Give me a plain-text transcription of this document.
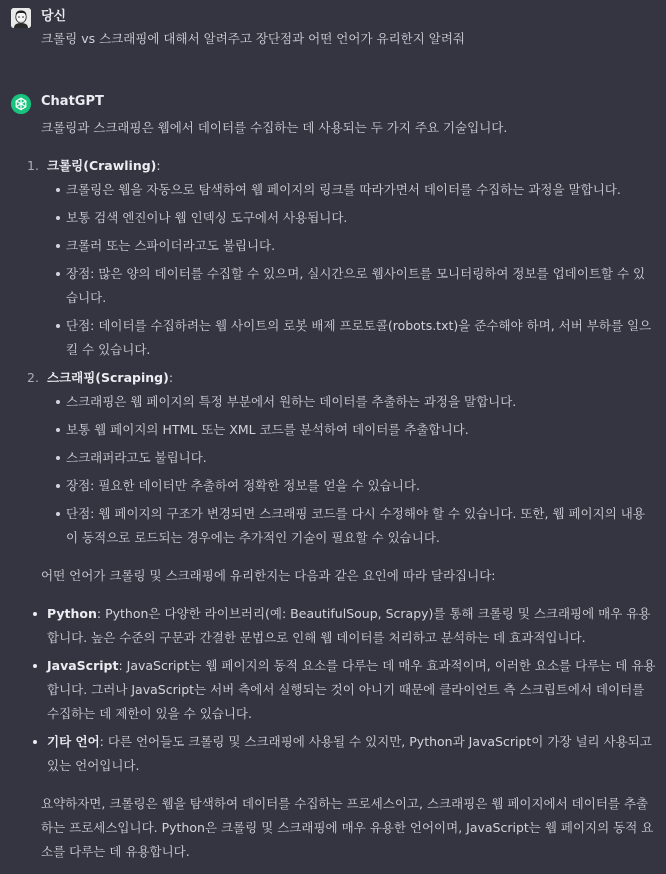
당신
크롤링 vs 스크래핑에 대해서 알려주고 장단점과 어떤 언어가 유리한지 알려줘
ChatGPT

크롤링과 스크래핑은 웹에서 데이터를 수집하는 데 사용되는 두 가지 주요 기술입니다.

1. 크롤링(Crawling):
크롤링은 웹을 자동으로 탐색하여 웹 페이지의 링크를 따라가면서 데이터를 수집하는 과정을 말합니다.
보통 검색 엔진이나 웹 인덱싱 도구에서 사용됩니다.
크롤러 또는 스파이더라고도 불립니다.
장점: 많은 양의 데이터를 수집할 수 있으며, 실시간으로 웹사이트를 모니터링하여 정보를 업데이트할 수 있습니다.
단점: 데이터를 수집하려는 웹 사이트의 로봇 배제 프로토콜(robots.txt)을 준수해야 하며, 서버 부하를 일으킬 수 있습니다.
2. 스크래핑(Scraping):
스크래핑은 웹 페이지의 특정 부분에서 원하는 데이터를 추출하는 과정을 말합니다.
보통 웹 페이지의 HTML 또는 XML 코드를 분석하여 데이터를 추출합니다.
스크래퍼라고도 불립니다.
장점: 필요한 데이터만 추출하여 정확한 정보를 얻을 수 있습니다.
단점: 웹 페이지의 구조가 변경되면 스크래핑 코드를 다시 수정해야 할 수 있습니다. 또한, 웹 페이지의 내용이 동적으로 로드되는 경우에는 추가적인 기술이 필요할 수 있습니다.

어떤 언어가 크롤링 및 스크래핑에 유리한지는 다음과 같은 요인에 따라 달라집니다:

Python: Python은 다양한 라이브러리(예: BeautifulSoup, Scrapy)를 통해 크롤링 및 스크래핑에 매우 유용합니다. 높은 수준의 구문과 간결한 문법으로 인해 웹 데이터를 처리하고 분석하는 데 효과적입니다.
JavaScript: JavaScript는 웹 페이지의 동적 요소를 다루는 데 매우 효과적이며, 이러한 요소를 다루는 데 유용합니다. 그러나 JavaScript는 서버 측에서 실행되는 것이 아니기 때문에 클라이언트 측 스크립트에서 데이터를 수집하는 데 제한이 있을 수 있습니다.
기타 언어: 다른 언어들도 크롤링 및 스크래핑에 사용될 수 있지만, Python과 JavaScript이 가장 널리 사용되고 있는 언어입니다.

요약하자면, 크롤링은 웹을 탐색하여 데이터를 수집하는 프로세스이고, 스크래핑은 웹 페이지에서 데이터를 추출하는 프로세스입니다. Python은 크롤링 및 스크래핑에 매우 유용한 언어이며, JavaScript는 웹 페이지의 동적 요소를 다루는 데 유용합니다.
